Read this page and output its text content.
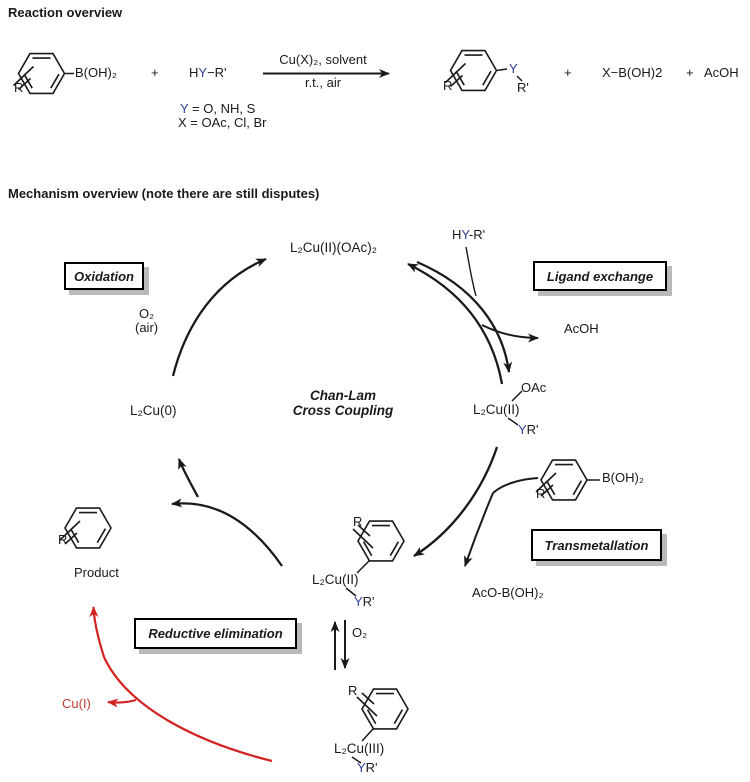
Reaction overview
R
B(OH)₂	+ HY−R'
Cu(X)₂, solvent
r.t., air
Y = O, NH, S
X = OAc, Cl, Br
R
Y
R'
+ X−B(OH)2 + AcOH
Mechanism overview (note there are still disputes)
Oxidation	Ligand exchange
Transmetallation
Reductive elimination
L₂Cu(II)(OAc)₂
HY-R'
O₂
(air)
L₂Cu(0)
Chan-Lam
Cross Coupling
AcOH
OAc
L₂Cu(II)
YR'
B(OH)₂
R
AcO-B(OH)₂
L₂Cu(II)
R
YR'
O₂
R
Product
Cu(I)
L₂Cu(III)
R
YR'
